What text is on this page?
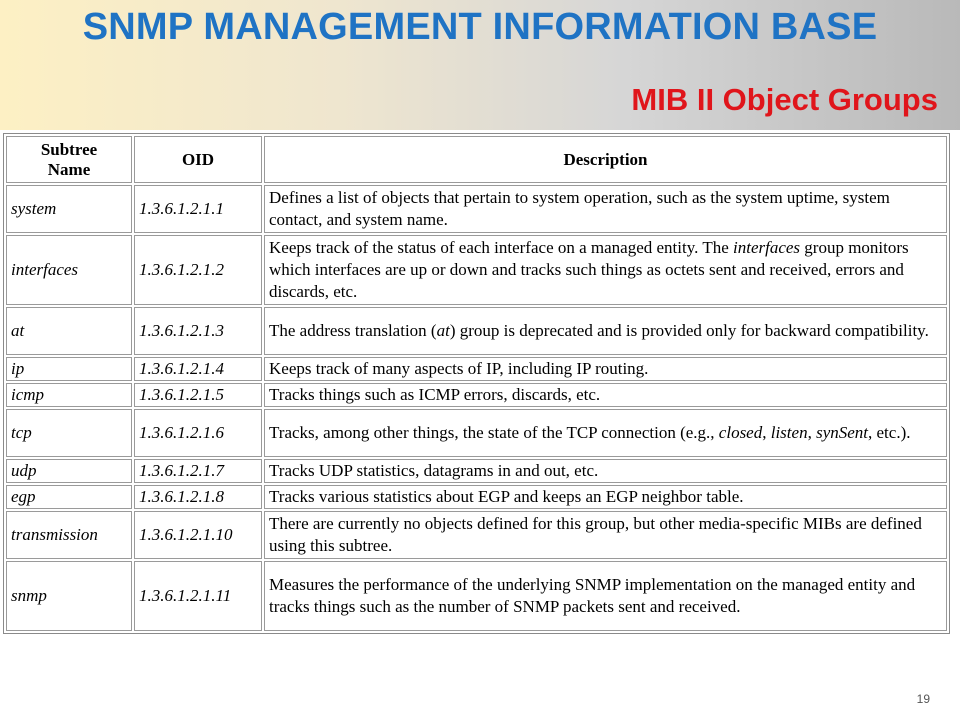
SNMP MANAGEMENT INFORMATION BASE
MIB II Object Groups
Subtree Name	OID	Description
system	1.3.6.1.2.1.1	Defines a list of objects that pertain to system operation, such as the system uptime, system contact, and system name.
interfaces	1.3.6.1.2.1.2	Keeps track of the status of each interface on a managed entity. The interfaces group monitors which interfaces are up or down and tracks such things as octets sent and received, errors and discards, etc.
at	1.3.6.1.2.1.3	The address translation (at) group is deprecated and is provided only for backward compatibility.
ip	1.3.6.1.2.1.4	Keeps track of many aspects of IP, including IP routing.
icmp	1.3.6.1.2.1.5	Tracks things such as ICMP errors, discards, etc.
tcp	1.3.6.1.2.1.6	Tracks, among other things, the state of the TCP connection (e.g., closed, listen, synSent, etc.).
udp	1.3.6.1.2.1.7	Tracks UDP statistics, datagrams in and out, etc.
egp	1.3.6.1.2.1.8	Tracks various statistics about EGP and keeps an EGP neighbor table.
transmission	1.3.6.1.2.1.10	There are currently no objects defined for this group, but other media-specific MIBs are defined using this subtree.
snmp	1.3.6.1.2.1.11	Measures the performance of the underlying SNMP implementation on the managed entity and tracks things such as the number of SNMP packets sent and received.
19
